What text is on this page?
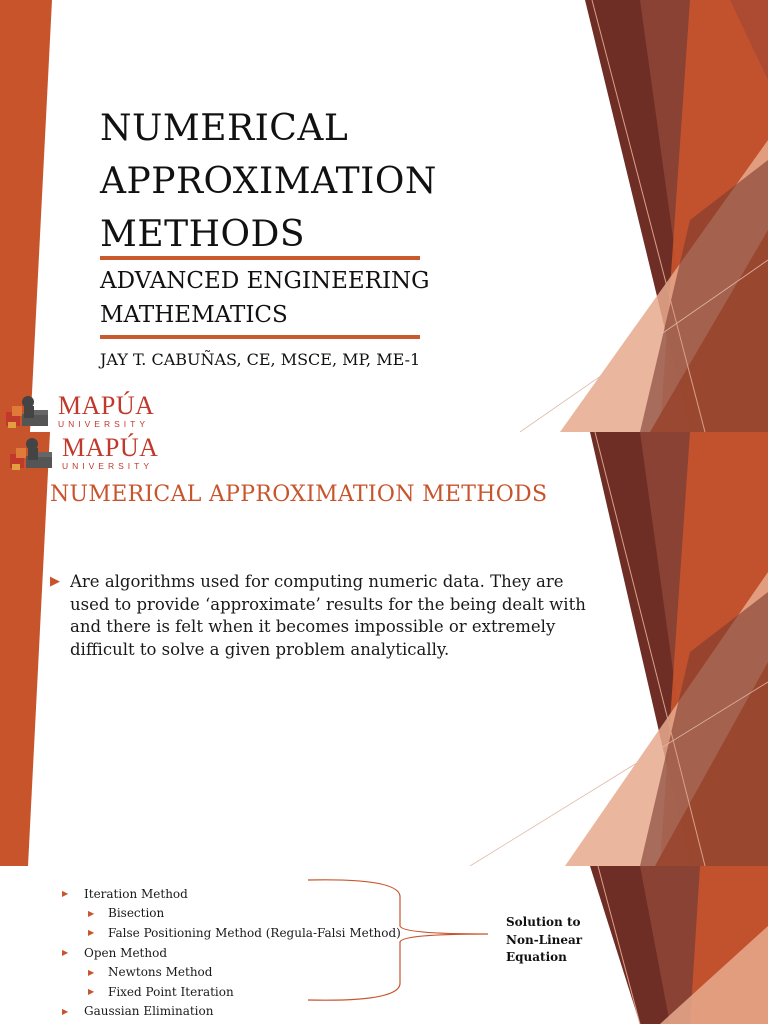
NUMERICAL
APPROXIMATION
METHODS
ADVANCED ENGINEERING
MATHEMATICS
JAY T. CABUÑAS, CE, MSCE, MP, ME-1
MAPÚA
UNIVERSITY
MAPÚA
UNIVERSITY
NUMERICAL APPROXIMATION METHODS
▶ Are algorithms used for computing numeric data. They are used to provide ‘approximate’ results for the being dealt with and there is felt when it becomes impossible or extremely difficult to solve a given problem analytically.
▶	Iteration Method
▶	Bisection
▶	False Positioning Method (Regula-Falsi Method)
▶	Open Method
▶	Newtons Method
▶	Fixed Point Iteration
▶	Gaussian Elimination
Solution to
Non-Linear
Equation
